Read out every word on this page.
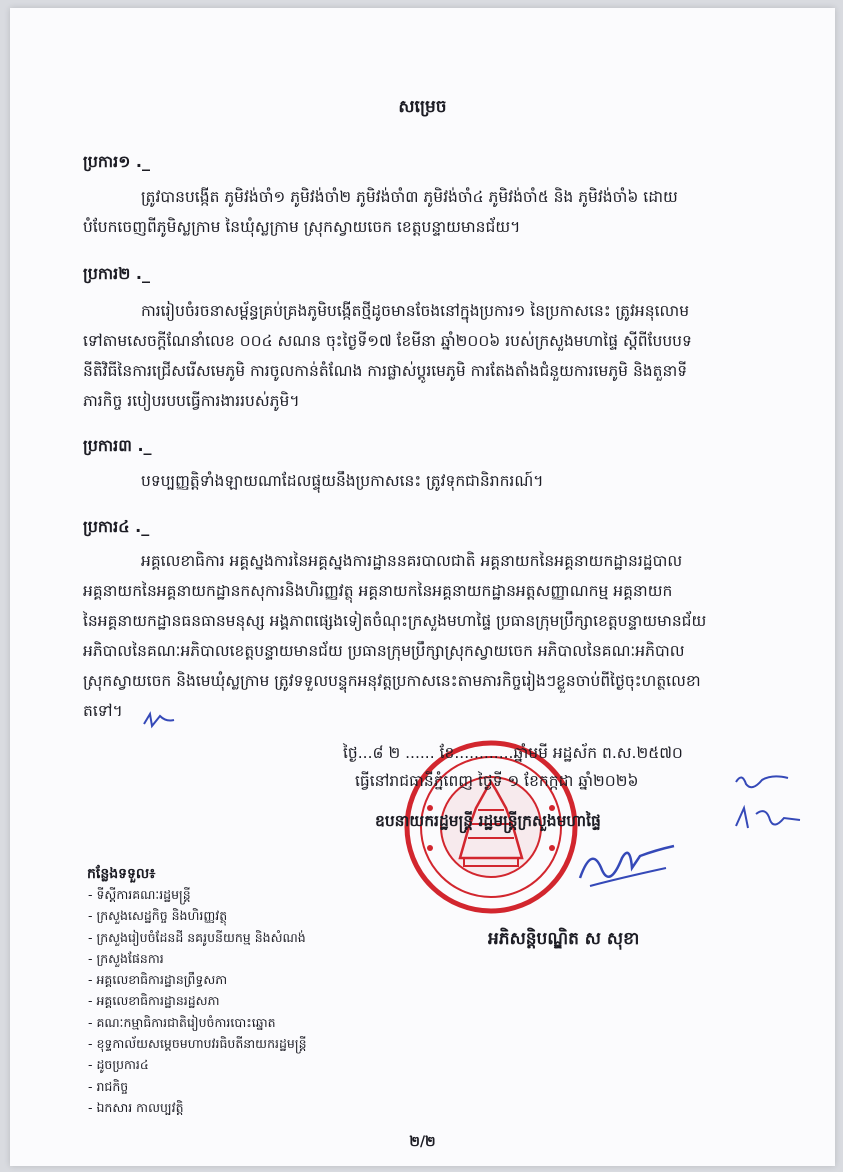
សម្រេច
ប្រការ១ ._
ត្រូវបានបង្កើត ភូមិវង់ចាំ១ ភូមិវង់ចាំ២ ភូមិវង់ចាំ៣ ភូមិវង់ចាំ៤ ភូមិវង់ចាំ៥ និង ភូមិវង់ចាំ៦ ដោយ
បំបែកចេញពីភូមិស្លក្រាម នៃឃុំស្លក្រាម ស្រុកស្វាយចេក ខេត្តបន្ទាយមានជ័យ។
ប្រការ២ ._
ការរៀបចំរចនាសម្ព័ន្ធគ្រប់គ្រងភូមិបង្កើតថ្មីដូចមានចែងនៅក្នុងប្រការ១ នៃប្រកាសនេះ ត្រូវអនុលោម
ទៅតាមសេចក្តីណែនាំលេខ ០០៤ សណន ចុះថ្ងៃទី១៧ ខែមីនា ឆ្នាំ២០០៦ របស់ក្រសួងមហាផ្ទៃ ស្តីពីបែបបទ
នីតិវិធីនៃការជ្រើសរើសមេភូមិ ការចូលកាន់តំណែង ការផ្លាស់ប្តូរមេភូមិ ការតែងតាំងជំនួយការមេភូមិ និងតួនាទី
ភារកិច្ច របៀបរបបធ្វើការងាររបស់ភូមិ។
ប្រការ៣ ._
បទប្បញ្ញត្តិទាំងឡាយណាដែលផ្ទុយនឹងប្រកាសនេះ ត្រូវទុកជានិរាករណ៍។
ប្រការ៤ ._
អគ្គលេខាធិការ អគ្គស្នងការនៃអគ្គស្នងការដ្ឋាននគរបាលជាតិ អគ្គនាយកនៃអគ្គនាយកដ្ឋានរដ្ឋបាល
អគ្គនាយកនៃអគ្គនាយកដ្ឋានកសុការនិងហិរញ្ញវត្ថុ អគ្គនាយកនៃអគ្គនាយកដ្ឋានអត្តសញ្ញាណកម្ម អគ្គនាយក
នៃអគ្គនាយកដ្ឋានធនធានមនុស្ស អង្គភាពផ្សេងទៀតចំណុះក្រសួងមហាផ្ទៃ ប្រធានក្រុមប្រឹក្សាខេត្តបន្ទាយមានជ័យ
អភិបាលនៃគណៈអភិបាលខេត្តបន្ទាយមានជ័យ ប្រធានក្រុមប្រឹក្សាស្រុកស្វាយចេក អភិបាលនៃគណៈអភិបាល
ស្រុកស្វាយចេក និងមេឃុំស្លក្រាម ត្រូវទទួលបន្ទុកអនុវត្តប្រកាសនេះតាមភារកិច្ចរៀងៗខ្លួនចាប់ពីថ្ងៃចុះហត្ថលេខា
តទៅ។
ថ្ងៃ...៨ ២ ...... ខែ............ឆ្នាំមមី អដ្ឋស័ក ព.ស.២៥៧០
ធ្វើនៅរាជធានីភ្នំពេញ ថ្ងៃទី ១ ខែកក្កដា ឆ្នាំ២០២៦
ឧបនាយករដ្ឋមន្ត្រី រដ្ឋមន្ត្រីក្រសួងមហាផ្ទៃ
អភិសន្តិបណ្ឌិត ស សុខា
កន្លែងទទួល៖
- ទីស្តីការគណៈរដ្ឋមន្ត្រី
- ក្រសួងសេដ្ឋកិច្ច និងហិរញ្ញវត្ថុ
- ក្រសួងរៀបចំដែនដី នគរូបនីយកម្ម និងសំណង់
- ក្រសួងផែនការ
- អគ្គលេខាធិការដ្ឋានព្រឹទ្ធសភា
- អគ្គលេខាធិការដ្ឋានរដ្ឋសភា
- គណៈកម្មាធិការជាតិរៀបចំការបោះឆ្នោត
- ខុទ្ទកាល័យសម្តេចមហាបវរធិបតីនាយករដ្ឋមន្ត្រី
- ដូចប្រការ៤
- រាជកិច្ច
- ឯកសារ កាលប្បវត្តិ
២/២
